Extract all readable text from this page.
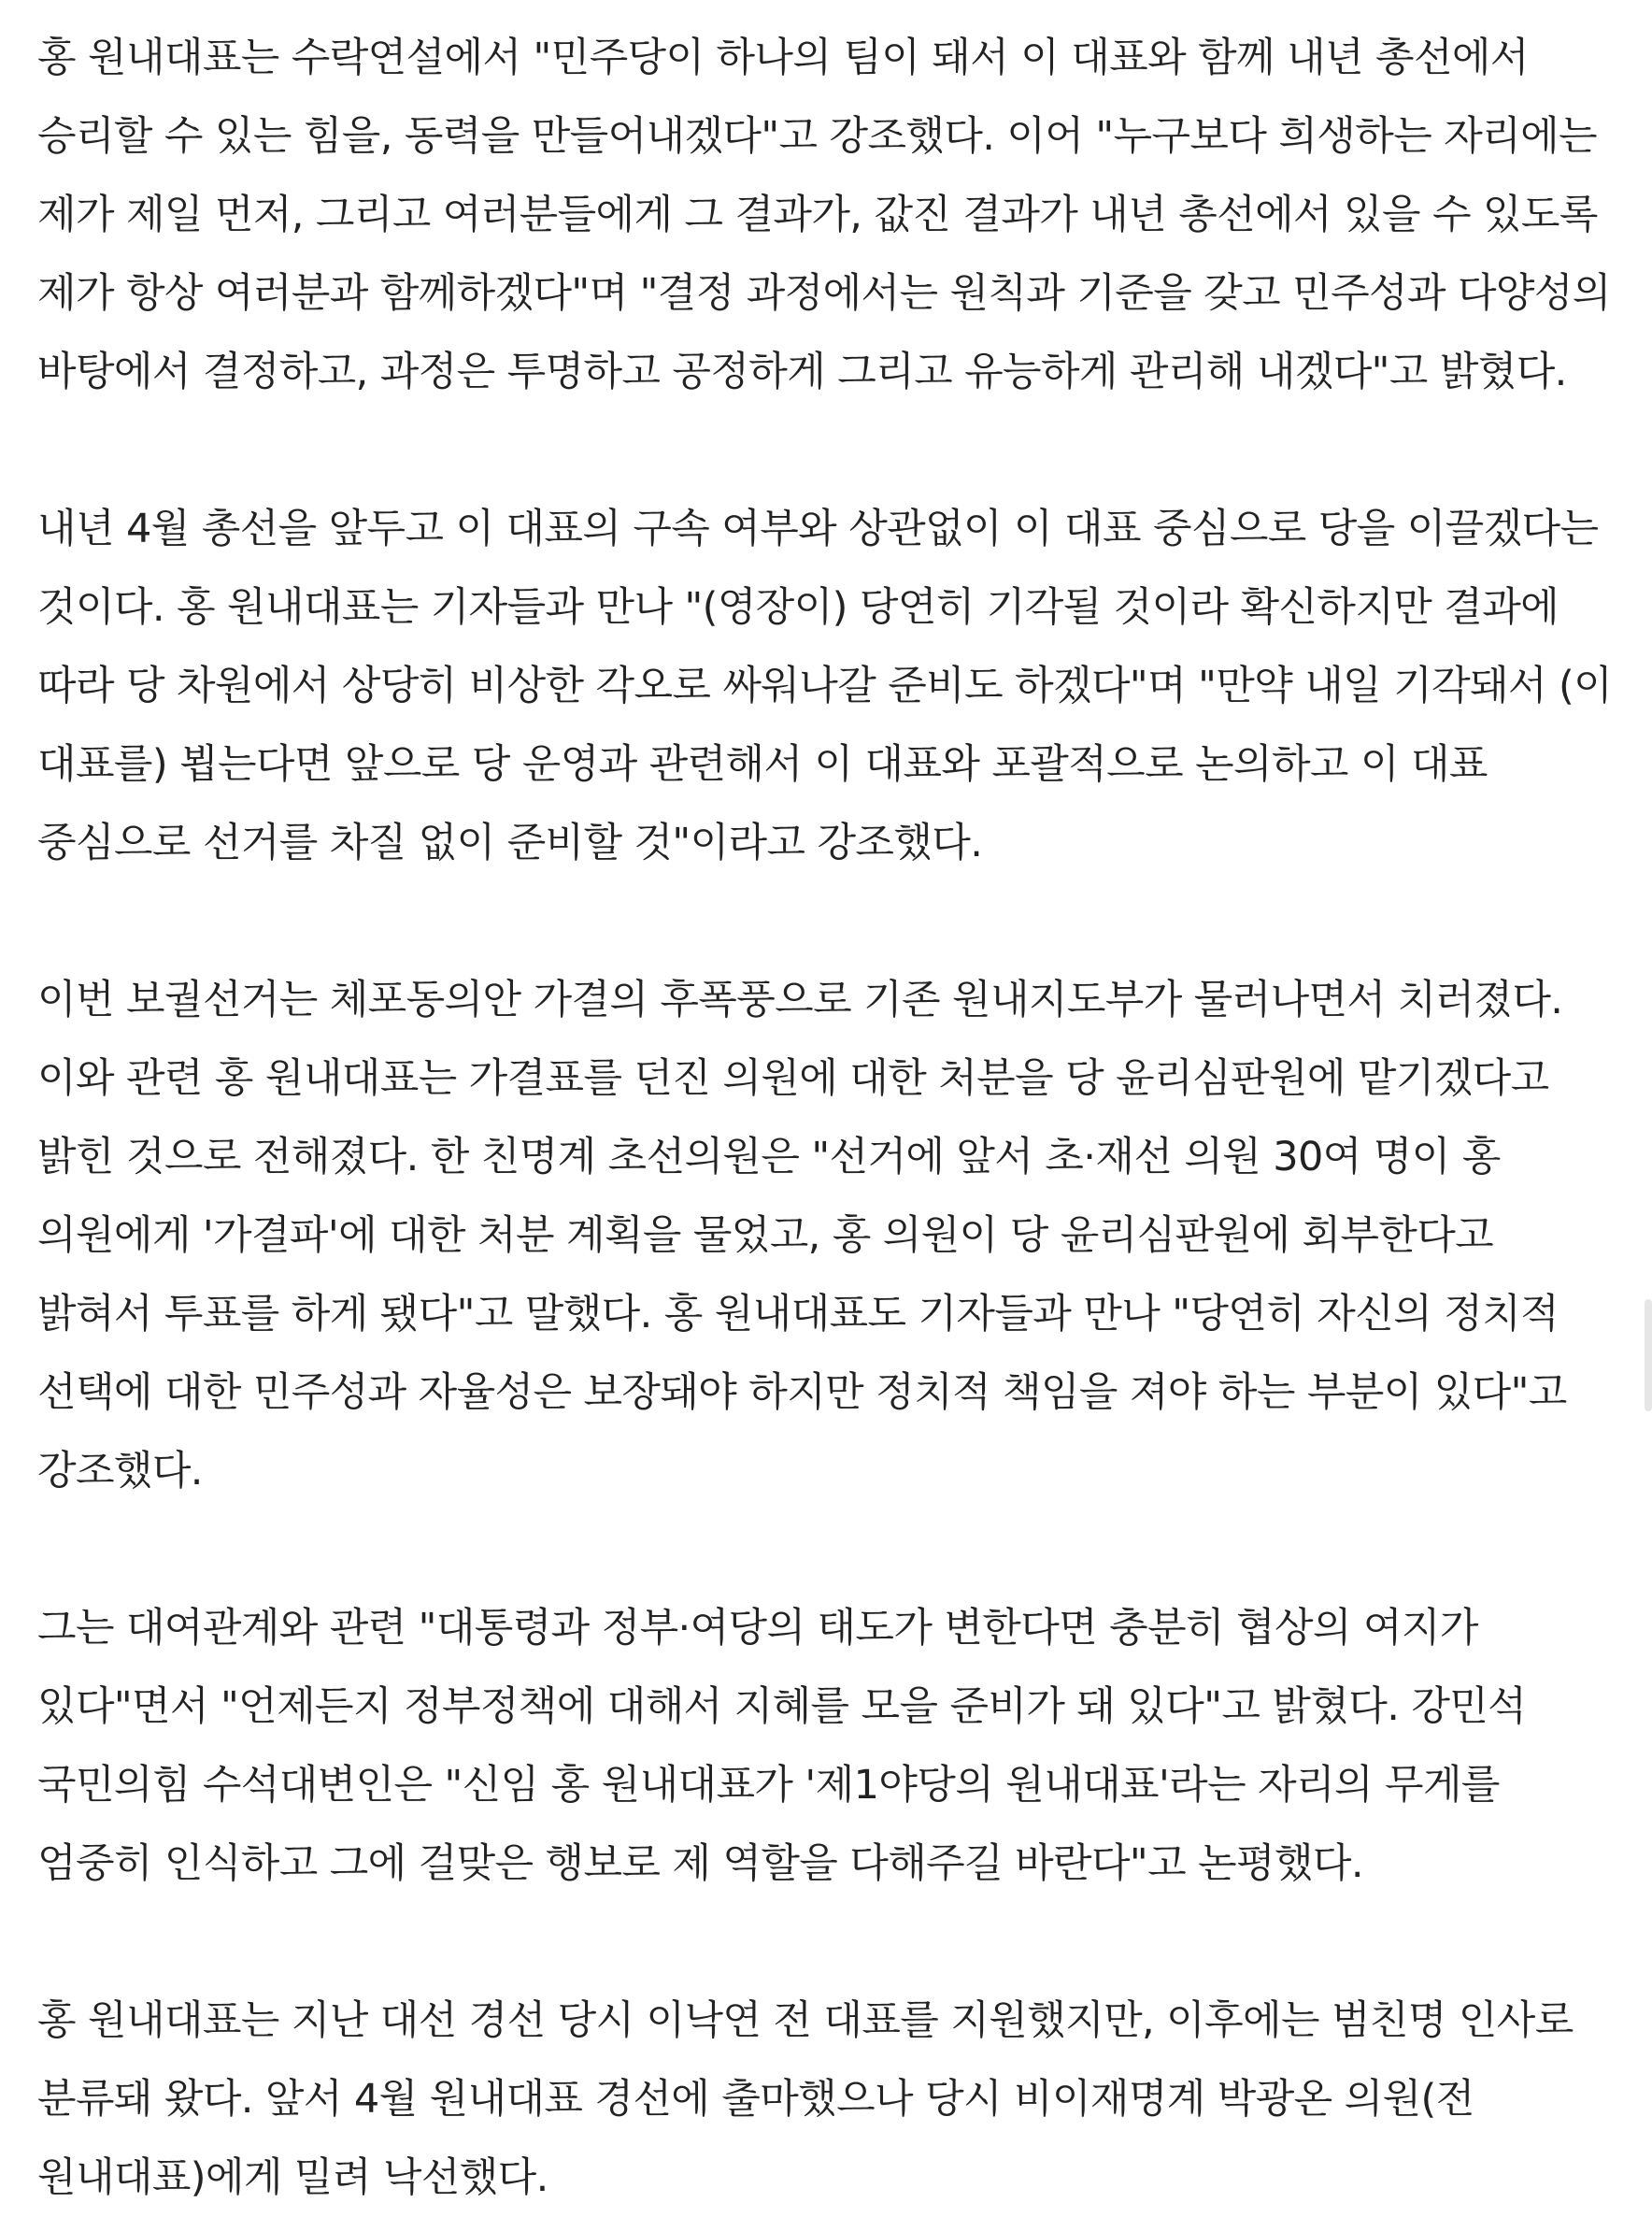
홍 원내대표는 수락연설에서 "민주당이 하나의 팀이 돼서 이 대표와 함께 내년 총선에서 승리할 수 있는 힘을, 동력을 만들어내겠다"고 강조했다. 이어 "누구보다 희생하는 자리에는 제가 제일 먼저, 그리고 여러분들에게 그 결과가, 값진 결과가 내년 총선에서 있을 수 있도록 제가 항상 여러분과 함께하겠다"며 "결정 과정에서는 원칙과 기준을 갖고 민주성과 다양성의 바탕에서 결정하고, 과정은 투명하고 공정하게 그리고 유능하게 관리해 내겠다"고 밝혔다.

내년 4월 총선을 앞두고 이 대표의 구속 여부와 상관없이 이 대표 중심으로 당을 이끌겠다는 것이다. 홍 원내대표는 기자들과 만나 "(영장이) 당연히 기각될 것이라 확신하지만 결과에 따라 당 차원에서 상당히 비상한 각오로 싸워나갈 준비도 하겠다"며 "만약 내일 기각돼서 (이 대표를) 뵙는다면 앞으로 당 운영과 관련해서 이 대표와 포괄적으로 논의하고 이 대표 중심으로 선거를 차질 없이 준비할 것"이라고 강조했다.

이번 보궐선거는 체포동의안 가결의 후폭풍으로 기존 원내지도부가 물러나면서 치러졌다. 이와 관련 홍 원내대표는 가결표를 던진 의원에 대한 처분을 당 윤리심판원에 맡기겠다고 밝힌 것으로 전해졌다. 한 친명계 초선의원은 "선거에 앞서 초·재선 의원 30여 명이 홍 의원에게 '가결파'에 대한 처분 계획을 물었고, 홍 의원이 당 윤리심판원에 회부한다고 밝혀서 투표를 하게 됐다"고 말했다. 홍 원내대표도 기자들과 만나 "당연히 자신의 정치적 선택에 대한 민주성과 자율성은 보장돼야 하지만 정치적 책임을 져야 하는 부분이 있다"고 강조했다.

그는 대여관계와 관련 "대통령과 정부·여당의 태도가 변한다면 충분히 협상의 여지가 있다"면서 "언제든지 정부정책에 대해서 지혜를 모을 준비가 돼 있다"고 밝혔다. 강민석 국민의힘 수석대변인은 "신임 홍 원내대표가 '제1야당의 원내대표'라는 자리의 무게를 엄중히 인식하고 그에 걸맞은 행보로 제 역할을 다해주길 바란다"고 논평했다.

홍 원내대표는 지난 대선 경선 당시 이낙연 전 대표를 지원했지만, 이후에는 범친명 인사로 분류돼 왔다. 앞서 4월 원내대표 경선에 출마했으나 당시 비이재명계 박광온 의원(전 원내대표)에게 밀려 낙선했다.
